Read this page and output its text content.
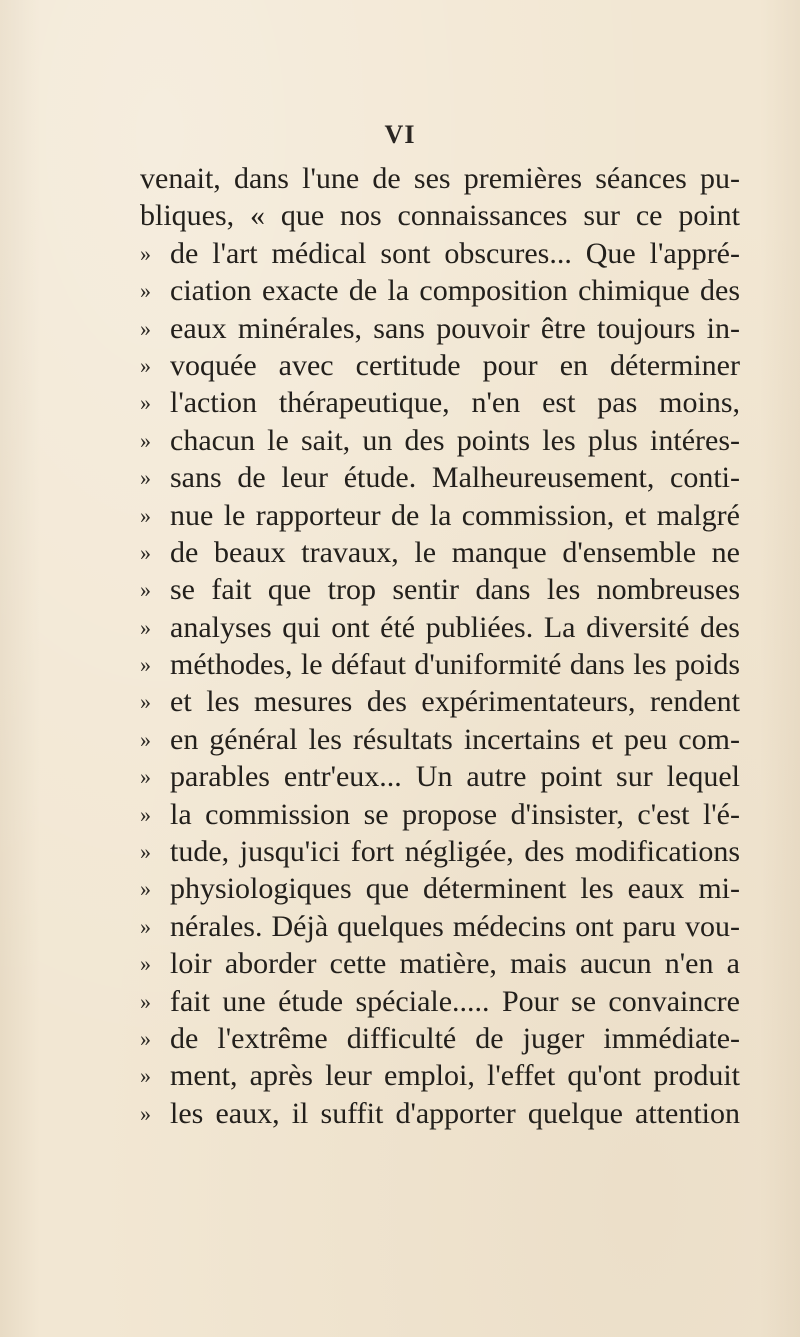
VI
venait, dans l'une de ses premières séances pu-
bliques, « que nos connaissances sur ce point
» de l'art médical sont obscures... Que l'appré-
» ciation exacte de la composition chimique des
» eaux minérales, sans pouvoir être toujours in-
» voquée avec certitude pour en déterminer
» l'action thérapeutique, n'en est pas moins,
» chacun le sait, un des points les plus intéres-
» sans de leur étude. Malheureusement, conti-
» nue le rapporteur de la commission, et malgré
» de beaux travaux, le manque d'ensemble ne
» se fait que trop sentir dans les nombreuses
» analyses qui ont été publiées. La diversité des
» méthodes, le défaut d'uniformité dans les poids
» et les mesures des expérimentateurs, rendent
» en général les résultats incertains et peu com-
» parables entr'eux... Un autre point sur lequel
» la commission se propose d'insister, c'est l'é-
» tude, jusqu'ici fort négligée, des modifications
» physiologiques que déterminent les eaux mi-
» nérales. Déjà quelques médecins ont paru vou-
» loir aborder cette matière, mais aucun n'en a
» fait une étude spéciale..... Pour se convaincre
» de l'extrême difficulté de juger immédiate-
» ment, après leur emploi, l'effet qu'ont produit
» les eaux, il suffit d'apporter quelque attention
